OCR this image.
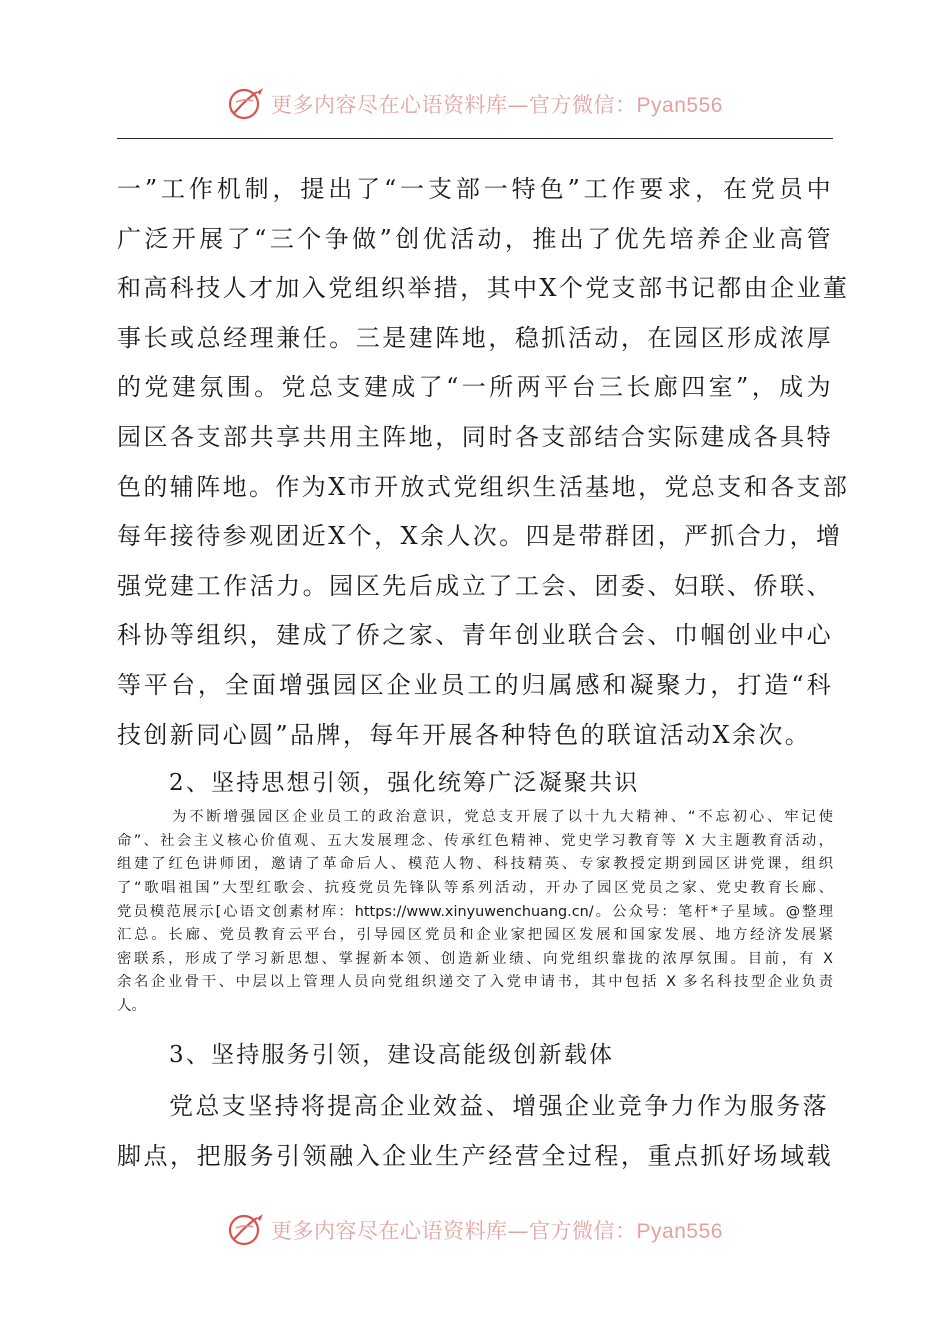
更多内容尽在心语资料库—官方微信：Pyan556
一”工作机制，提出了“一支部一特色”工作要求，在党员中
广泛开展了“三个争做”创优活动，推出了优先培养企业高管
和高科技人才加入党组织举措，其中X个党支部书记都由企业董
事长或总经理兼任。三是建阵地，稳抓活动，在园区形成浓厚
的党建氛围。党总支建成了“一所两平台三长廊四室”，成为
园区各支部共享共用主阵地，同时各支部结合实际建成各具特
色的辅阵地。作为X市开放式党组织生活基地，党总支和各支部
每年接待参观团近X个，X余人次。四是带群团，严抓合力，增
强党建工作活力。园区先后成立了工会、团委、妇联、侨联、
科协等组织，建成了侨之家、青年创业联合会、巾帼创业中心
等平台，全面增强园区企业员工的归属感和凝聚力，打造“科
技创新同心圆”品牌，每年开展各种特色的联谊活动X余次。
2、坚持思想引领，强化统筹广泛凝聚共识
为不断增强园区企业员工的政治意识，党总支开展了以十九大精神、“不忘初心、牢记使
命”、社会主义核心价值观、五大发展理念、传承红色精神、党史学习教育等 X 大主题教育活动，
组建了红色讲师团，邀请了革命后人、模范人物、科技精英、专家教授定期到园区讲党课，组织
了“歌唱祖国”大型红歌会、抗疫党员先锋队等系列活动，开办了园区党员之家、党史教育长廊、
党员模范展示[心语文创素材库：https://www.xinyuwenchuang.cn/。公众号：笔杆*子星域。@整理
汇总。长廊、党员教育云平台，引导园区党员和企业家把园区发展和国家发展、地方经济发展紧
密联系，形成了学习新思想、掌握新本领、创造新业绩、向党组织靠拢的浓厚氛围。目前，有 X
余名企业骨干、中层以上管理人员向党组织递交了入党申请书，其中包括 X 多名科技型企业负责
人。
3、坚持服务引领，建设高能级创新载体
党总支坚持将提高企业效益、增强企业竞争力作为服务落
脚点，把服务引领融入企业生产经营全过程，重点抓好场域载
更多内容尽在心语资料库—官方微信：Pyan556
